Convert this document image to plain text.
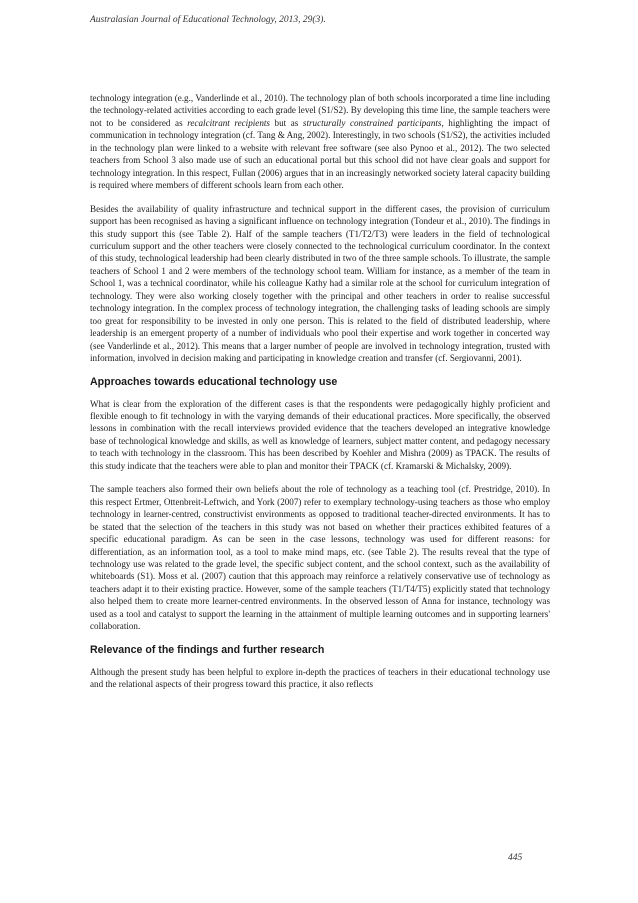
Australasian Journal of Educational Technology, 2013, 29(3).

technology integration (e.g., Vanderlinde et al., 2010). The technology plan of both schools incorporated a time line including the technology-related activities according to each grade level (S1/S2). By developing this time line, the sample teachers were not to be considered as recalcitrant recipients but as structurally constrained participants, highlighting the impact of communication in technology integration (cf. Tang & Ang, 2002). Interestingly, in two schools (S1/S2), the activities included in the technology plan were linked to a website with relevant free software (see also Pynoo et al., 2012). The two selected teachers from School 3 also made use of such an educational portal but this school did not have clear goals and support for technology integration. In this respect, Fullan (2006) argues that in an increasingly networked society lateral capacity building is required where members of different schools learn from each other.

Besides the availability of quality infrastructure and technical support in the different cases, the provision of curriculum support has been recognised as having a significant influence on technology integration (Tondeur et al., 2010). The findings in this study support this (see Table 2). Half of the sample teachers (T1/T2/T3) were leaders in the field of technological curriculum support and the other teachers were closely connected to the technological curriculum coordinator. In the context of this study, technological leadership had been clearly distributed in two of the three sample schools. To illustrate, the sample teachers of School 1 and 2 were members of the technology school team. William for instance, as a member of the team in School 1, was a technical coordinator, while his colleague Kathy had a similar role at the school for curriculum integration of technology. They were also working closely together with the principal and other teachers in order to realise successful technology integration. In the complex process of technology integration, the challenging tasks of leading schools are simply too great for responsibility to be invested in only one person. This is related to the field of distributed leadership, where leadership is an emergent property of a number of individuals who pool their expertise and work together in concerted way (see Vanderlinde et al., 2012). This means that a larger number of people are involved in technology integration, trusted with information, involved in decision making and participating in knowledge creation and transfer (cf. Sergiovanni, 2001).

Approaches towards educational technology use

What is clear from the exploration of the different cases is that the respondents were pedagogically highly proficient and flexible enough to fit technology in with the varying demands of their educational practices. More specifically, the observed lessons in combination with the recall interviews provided evidence that the teachers developed an integrative knowledge base of technological knowledge and skills, as well as knowledge of learners, subject matter content, and pedagogy necessary to teach with technology in the classroom. This has been described by Koehler and Mishra (2009) as TPACK. The results of this study indicate that the teachers were able to plan and monitor their TPACK (cf. Kramarski & Michalsky, 2009).

The sample teachers also formed their own beliefs about the role of technology as a teaching tool (cf. Prestridge, 2010). In this respect Ertmer, Ottenbreit-Leftwich, and York (2007) refer to exemplary technology-using teachers as those who employ technology in learner-centred, constructivist environments as opposed to traditional teacher-directed environments. It has to be stated that the selection of the teachers in this study was not based on whether their practices exhibited features of a specific educational paradigm. As can be seen in the case lessons, technology was used for different reasons: for differentiation, as an information tool, as a tool to make mind maps, etc. (see Table 2). The results reveal that the type of technology use was related to the grade level, the specific subject content, and the school context, such as the availability of whiteboards (S1). Moss et al. (2007) caution that this approach may reinforce a relatively conservative use of technology as teachers adapt it to their existing practice. However, some of the sample teachers (T1/T4/T5) explicitly stated that technology also helped them to create more learner-centred environments. In the observed lesson of Anna for instance, technology was used as a tool and catalyst to support the learning in the attainment of multiple learning outcomes and in supporting learners' collaboration.

Relevance of the findings and further research

Although the present study has been helpful to explore in-depth the practices of teachers in their educational technology use and the relational aspects of their progress toward this practice, it also reflects

445
